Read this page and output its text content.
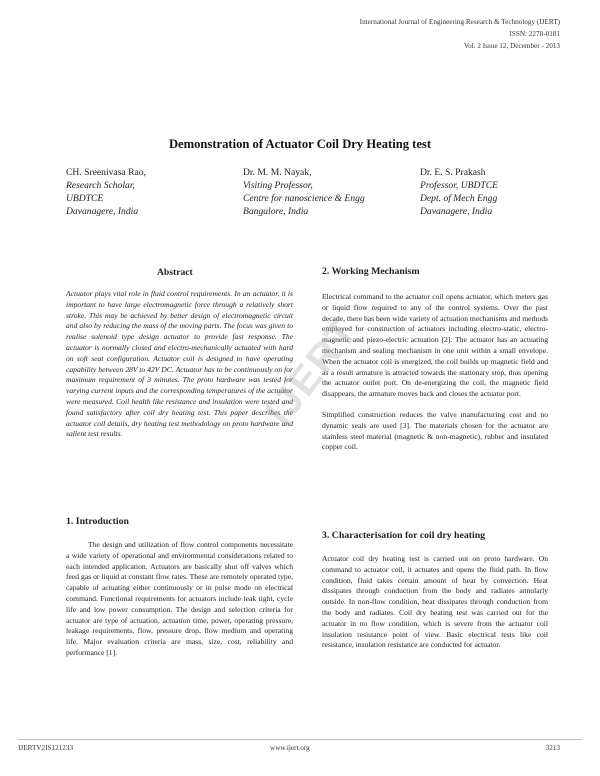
International Journal of Engineering Research & Technology (IJERT)
ISSN: 2278-0181
Vol. 2 Issue 12, December - 2013
Demonstration of Actuator Coil Dry Heating test
CH. Sreenivasa Rao,
Research Scholar,
UBDTCE
Davanagere, India
Dr. M. M. Nayak,
Visiting Professor,
Centre for nanoscience & Engg
Bangalore, India
Dr. E. S. Prakash
Professor, UBDTCE
Dept. of Mech Engg
Davanagere, India
Abstract

Actuator plays vital role in fluid control requirements. In an actuator, it is important to have large electromagnetic force through a relatively short stroke. This may be achieved by better design of electromagnetic circuit and also by reducing the mass of the moving parts. The focus was given to realise solenoid type design actuator to provide fast response. The actuator is normally closed and electro-mechanically actuated with hard on soft seat configuration. Actuator coil is designed to have operating capability between 28V to 42V DC. Actuator has to be continuously on for maximum requirement of 3 minutes. The proto hardware was tested for varying current inputs and the corresponding temperatures of the actuator were measured. Coil health like resistance and insulation were tested and found satisfactory after coil dry heating test. This paper describes the actuator coil details, dry heating test methodology on proto hardware and salient test results.

1. Introduction

The design and utilization of flow control components necessitate a wide variety of operational and environmental considerations related to each intended application. Actuators are basically shut off valves which feed gas or liquid at constant flow rates. These are remotely operated type, capable of actuating either continuously or in pulse mode on electrical command. Functional requirements for actuators include leak tight, cycle life and low power consumption. The design and selection criteria for actuator are type of actuation, actuation time, power, operating pressure, leakage requirements, flow, pressure drop, flow medium and operating life. Major evaluation criteria are mass, size, cost, reliability and performance [1].

2. Working Mechanism

Electrical command to the actuator coil opens actuator, which meters gas or liquid flow required to any of the control systems. Over the past decade, there has been wide variety of actuation mechanisms and methods employed for construction of actuators including electro-static, electro-magnetic and piezo-electric actuation [2]. The actuator has an actuating mechanism and sealing mechanism in one unit within a small envelope. When the actuator coil is energized, the coil builds up magnetic field and as a result armature is attracted towards the stationary stop, thus opening the actuator outlet port. On de-energizing the coil, the magnetic field disappears, the armature moves back and closes the actuator port.

Simplified construction reduces the valve manufacturing cost and no dynamic seals are used [3]. The materials chosen for the actuator are stainless steel material (magnetic & non-magnetic), rubber and insulated copper coil.

3. Characterisation for coil dry heating

Actuator coil dry heating test is carried out on proto hardware. On command to actuator coil, it actuates and opens the fluid path. In flow condition, fluid takes certain amount of heat by convection. Heat dissipates through conduction from the body and radiates annularly outside. In non-flow condition, heat dissipates through conduction from the body and radiates. Coil dry heating test was carried out for the actuator in no flow condition, which is severe from the actuator coil insulation resistance point of view. Basic electrical tests like coil resistance, insulation resistance are conducted for actuator.

IJERT
IJERTV2IS121233	www.ijert.org	3213
